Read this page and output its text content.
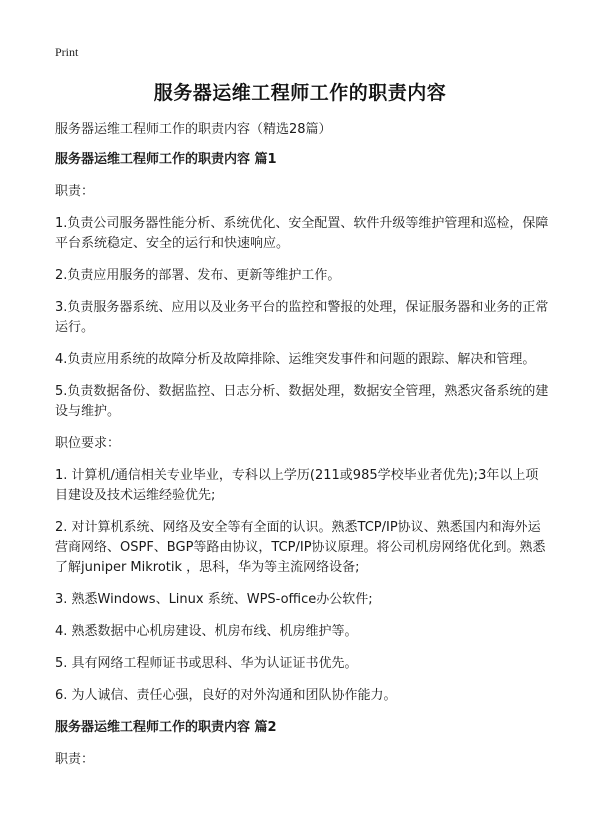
Print
服务器运维工程师工作的职责内容

服务器运维工程师工作的职责内容（精选28篇）

服务器运维工程师工作的职责内容 篇1

职责：

1.负责公司服务器性能分析、系统优化、安全配置、软件升级等维护管理和巡检，保障平台系统稳定、安全的运行和快速响应。

2.负责应用服务的部署、发布、更新等维护工作。

3.负责服务器系统、应用以及业务平台的监控和警报的处理，保证服务器和业务的正常运行。

4.负责应用系统的故障分析及故障排除、运维突发事件和问题的跟踪、解决和管理。

5.负责数据备份、数据监控、日志分析、数据处理，数据安全管理，熟悉灾备系统的建设与维护。

职位要求：

1. 计算机/通信相关专业毕业，专科以上学历(211或985学校毕业者优先);3年以上项目建设及技术运维经验优先;

2. 对计算机系统、网络及安全等有全面的认识。熟悉TCP/IP协议、熟悉国内和海外运营商网络、OSPF、BGP等路由协议，TCP/IP协议原理。将公司机房网络优化到。熟悉了解juniper Mikrotik ，思科，华为等主流网络设备;

3. 熟悉Windows、Linux 系统、WPS-office办公软件;

4. 熟悉数据中心机房建设、机房布线、机房维护等。

5. 具有网络工程师证书或思科、华为认证证书优先。

6. 为人诚信、责任心强，良好的对外沟通和团队协作能力。

服务器运维工程师工作的职责内容 篇2

职责：
